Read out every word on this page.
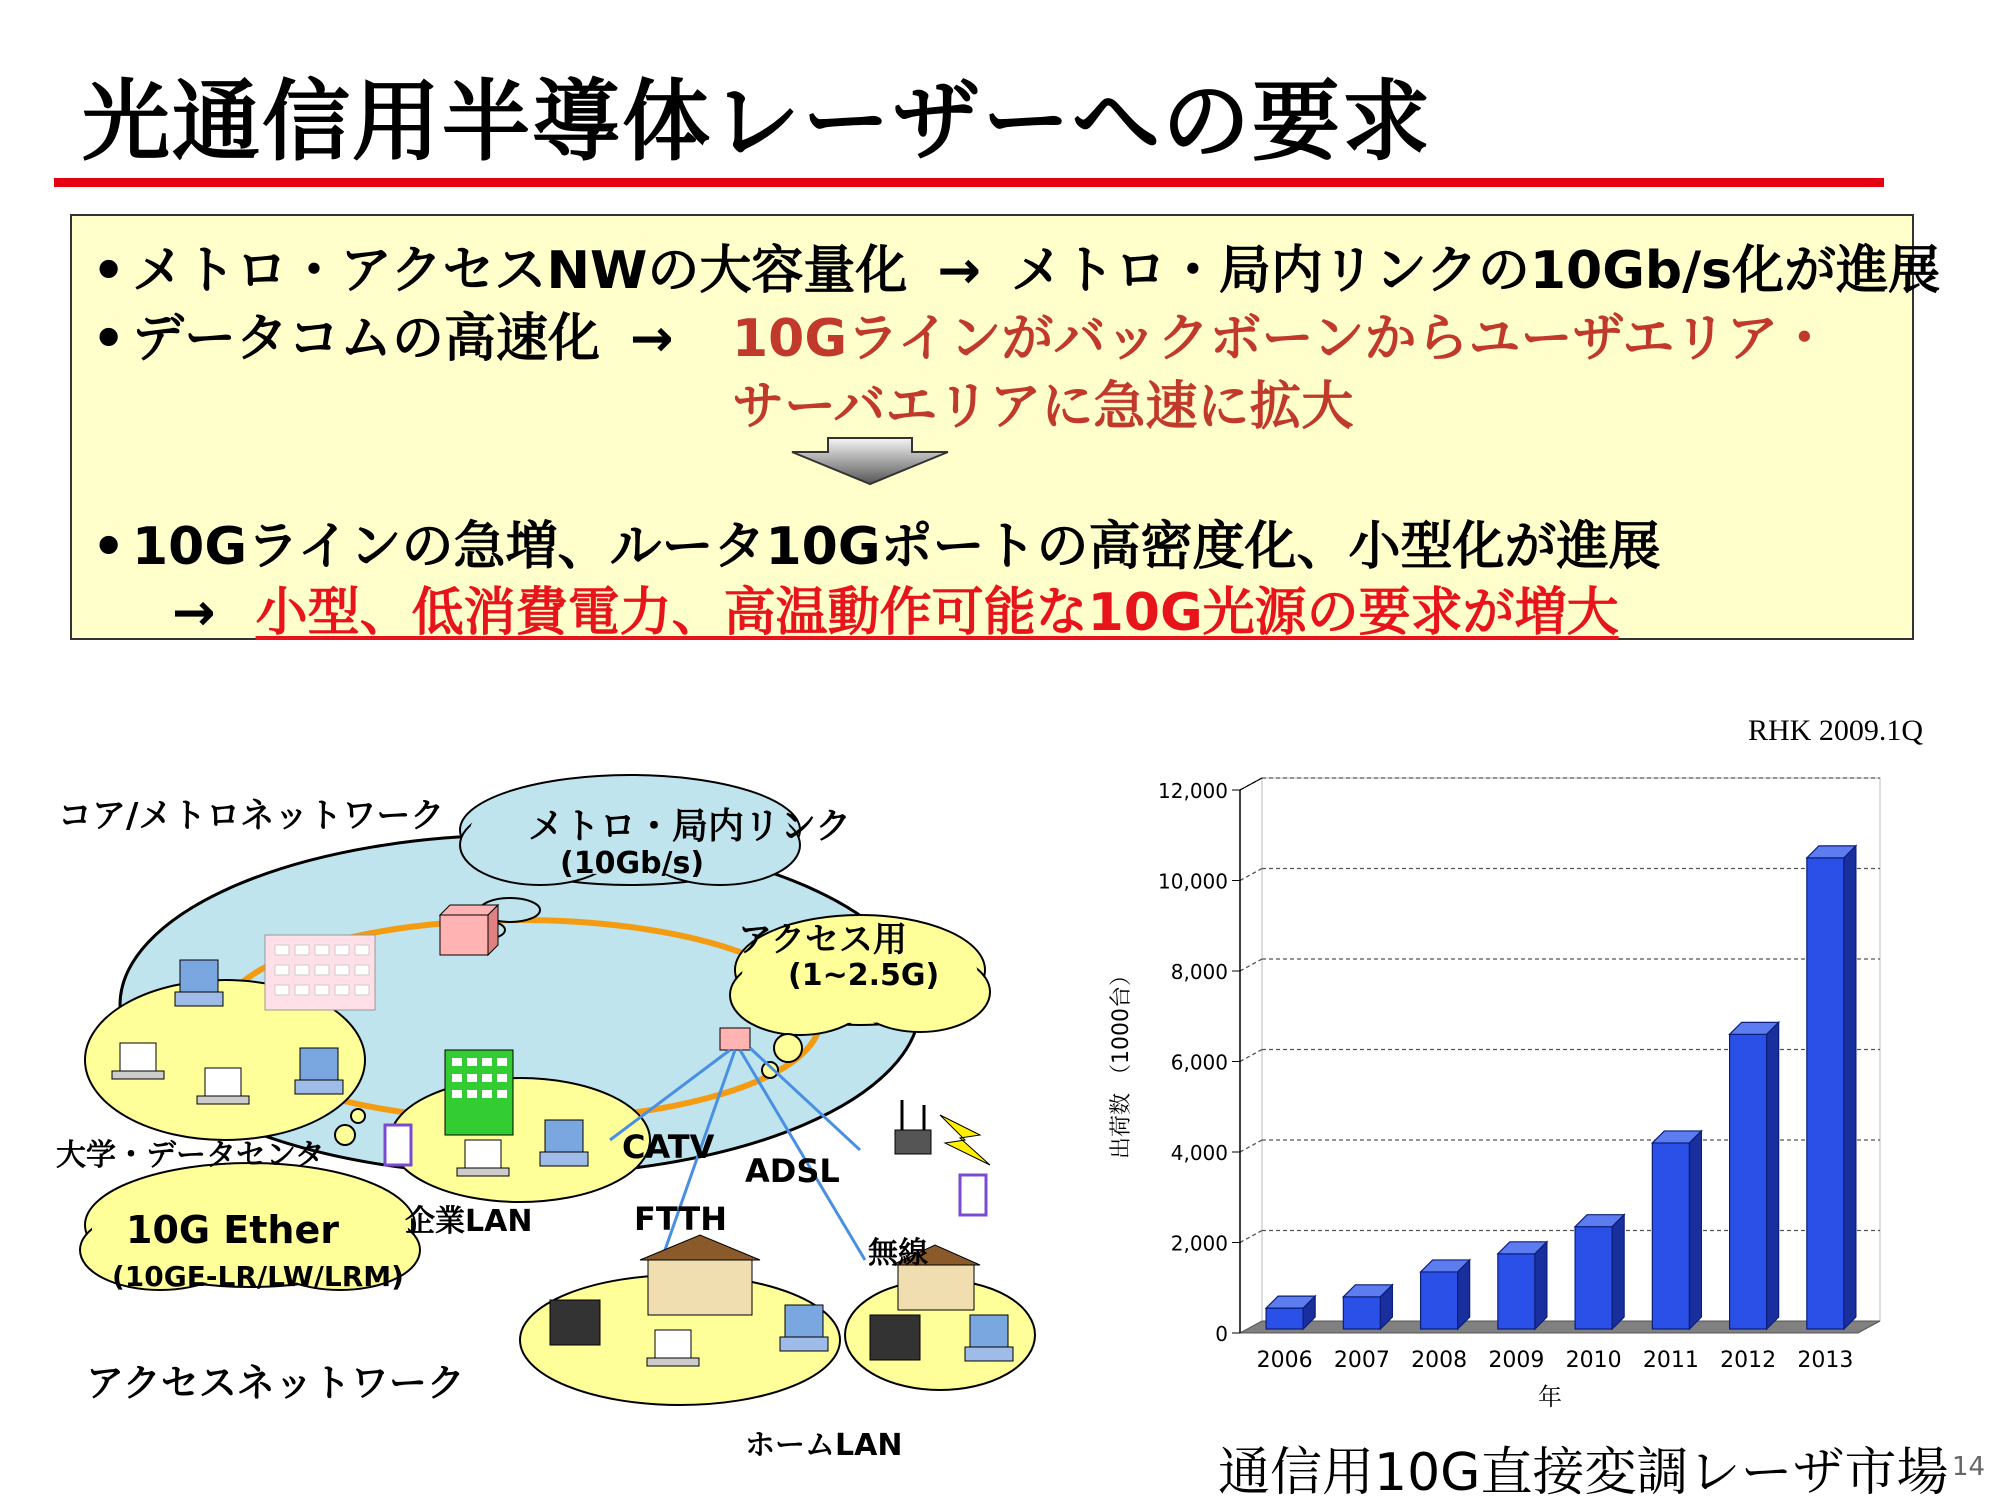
光通信用半導体レーザーへの要求
• メトロ・アクセスNWの大容量化 → メトロ・局内リンクの10Gb/s化が進展
• データコムの高速化 →	10Gラインがバックボーンからユーザエリア・
サーバエリアに急速に拡大
• 10Gラインの急増、ルータ10Gポートの高密度化、小型化が進展
→ 小型、低消費電力、高温動作可能な10G光源の要求が増大
コア/メトロネットワーク メトロ・局内リンク
(10Gb/s)
アクセス用
(1~2.5G)
大学・データセンタ
企業LAN
CATV
ADSL
FTTH
無線
10G Ether
(10GE-LR/LW/LRM)
アクセスネットワーク
ホームLAN
RHK 2009.1Q
0
2,000
4,000
6,000
8,000
10,000
12,000
2006 2007 2008 2009 2010 2011 2012 2013
年
出荷数 （1000台）
通信用10G直接変調レーザ市場 14
